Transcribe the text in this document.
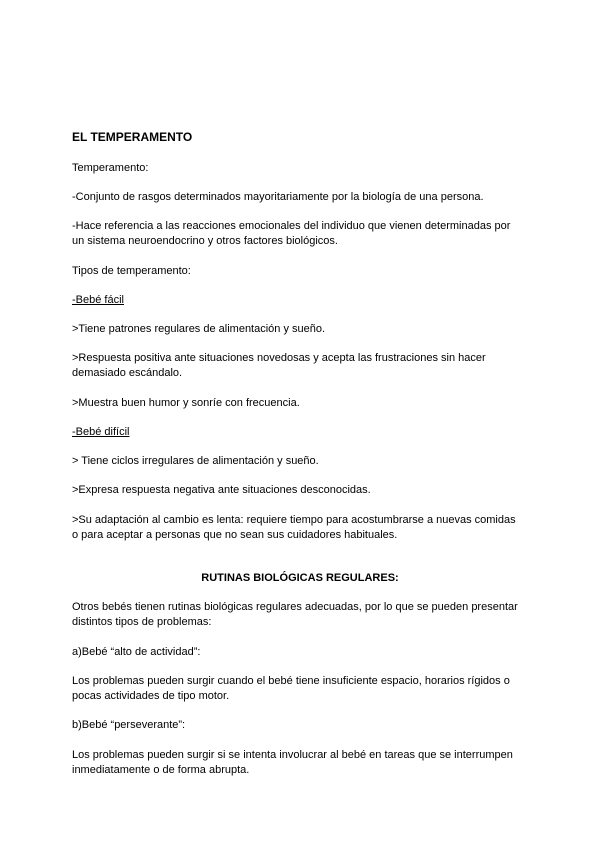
EL TEMPERAMENTO
Temperamento:
-Conjunto de rasgos determinados mayoritariamente por la biología de una persona.
-Hace referencia a las reacciones emocionales del individuo que vienen determinadas por
un sistema neuroendocrino y otros factores biológicos.
Tipos de temperamento:
-Bebé fácil
>Tiene patrones regulares de alimentación y sueño.
>Respuesta positiva ante situaciones novedosas y acepta las frustraciones sin hacer
demasiado escándalo.
>Muestra buen humor y sonríe con frecuencia.
-Bebé difícil
> Tiene ciclos irregulares de alimentación y sueño.
>Expresa respuesta negativa ante situaciones desconocidas.
>Su adaptación al cambio es lenta: requiere tiempo para acostumbrarse a nuevas comidas
o para aceptar a personas que no sean sus cuidadores habituales.
RUTINAS BIOLÓGICAS REGULARES:
Otros bebés tienen rutinas biológicas regulares adecuadas, por lo que se pueden presentar
distintos tipos de problemas:
a)Bebé “alto de actividad”:
Los problemas pueden surgir cuando el bebé tiene insuficiente espacio, horarios rígidos o
pocas actividades de tipo motor.
b)Bebé “perseverante”:
Los problemas pueden surgir si se intenta involucrar al bebé en tareas que se interrumpen
inmediatamente o de forma abrupta.
